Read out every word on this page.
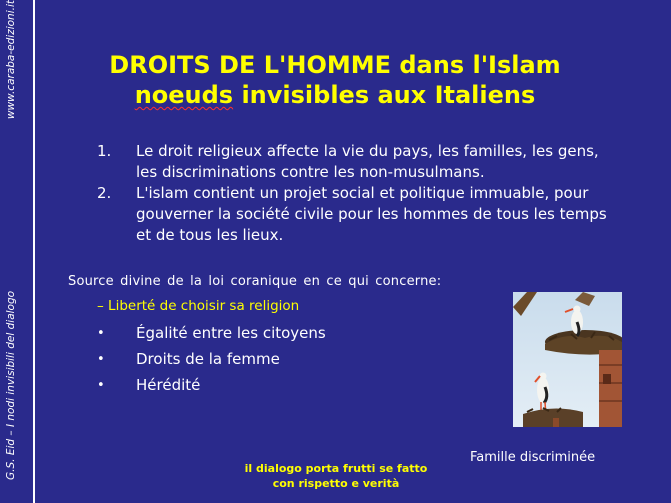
G.S. Eid – I nodi invisibili del dialogo
www.caraba-edizioni.it	DROITS DE L'HOMME dans l'Islam
noeuds invisibles aux Italiens
1.	Le droit religieux affecte la vie du pays, les familles, les gens, les discriminations contre les non-musulmans.
2.	L'islam contient un projet social et politique immuable, pour gouverner la société civile pour les hommes de tous les temps et de tous les lieux.
Source divine de la loi coranique en ce qui concerne:
– Liberté de choisir sa religion
•	Égalité entre les citoyens
•	Droits de la femme
•	Hérédité
Famille discriminée
il dialogo porta frutti se fatto
con rispetto e verità
